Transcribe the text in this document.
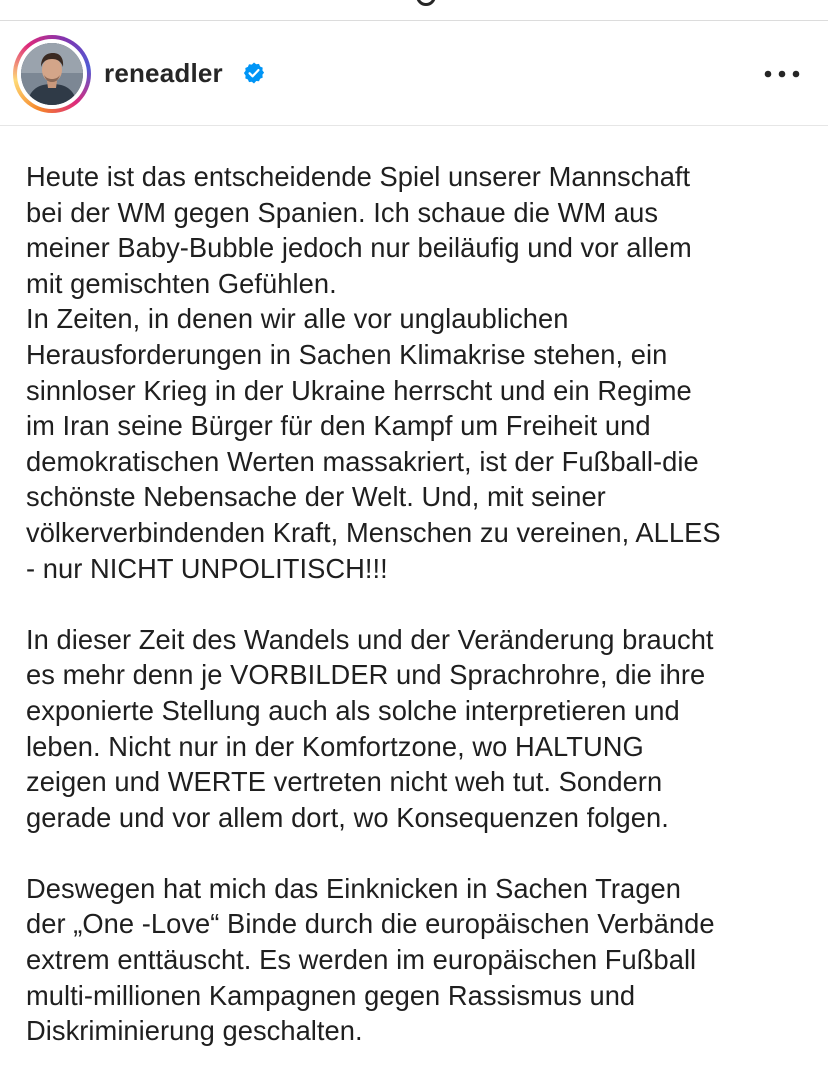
reneadler
Heute ist das entscheidende Spiel unserer Mannschaft
bei der WM gegen Spanien. Ich schaue die WM aus
meiner Baby-Bubble jedoch nur beiläufig und vor allem
mit gemischten Gefühlen.
In Zeiten, in denen wir alle vor unglaublichen
Herausforderungen in Sachen Klimakrise stehen, ein
sinnloser Krieg in der Ukraine herrscht und ein Regime
im Iran seine Bürger für den Kampf um Freiheit und
demokratischen Werten massakriert, ist der Fußball-die
schönste Nebensache der Welt. Und, mit seiner
völkerverbindenden Kraft, Menschen zu vereinen, ALLES
- nur NICHT UNPOLITISCH!!!
In dieser Zeit des Wandels und der Veränderung braucht
es mehr denn je VORBILDER und Sprachrohre, die ihre
exponierte Stellung auch als solche interpretieren und
leben. Nicht nur in der Komfortzone, wo HALTUNG
zeigen und WERTE vertreten nicht weh tut. Sondern
gerade und vor allem dort, wo Konsequenzen folgen.
Deswegen hat mich das Einknicken in Sachen Tragen
der „One -Love“ Binde durch die europäischen Verbände
extrem enttäuscht. Es werden im europäischen Fußball
multi-millionen Kampagnen gegen Rassismus und
Diskriminierung geschalten.
